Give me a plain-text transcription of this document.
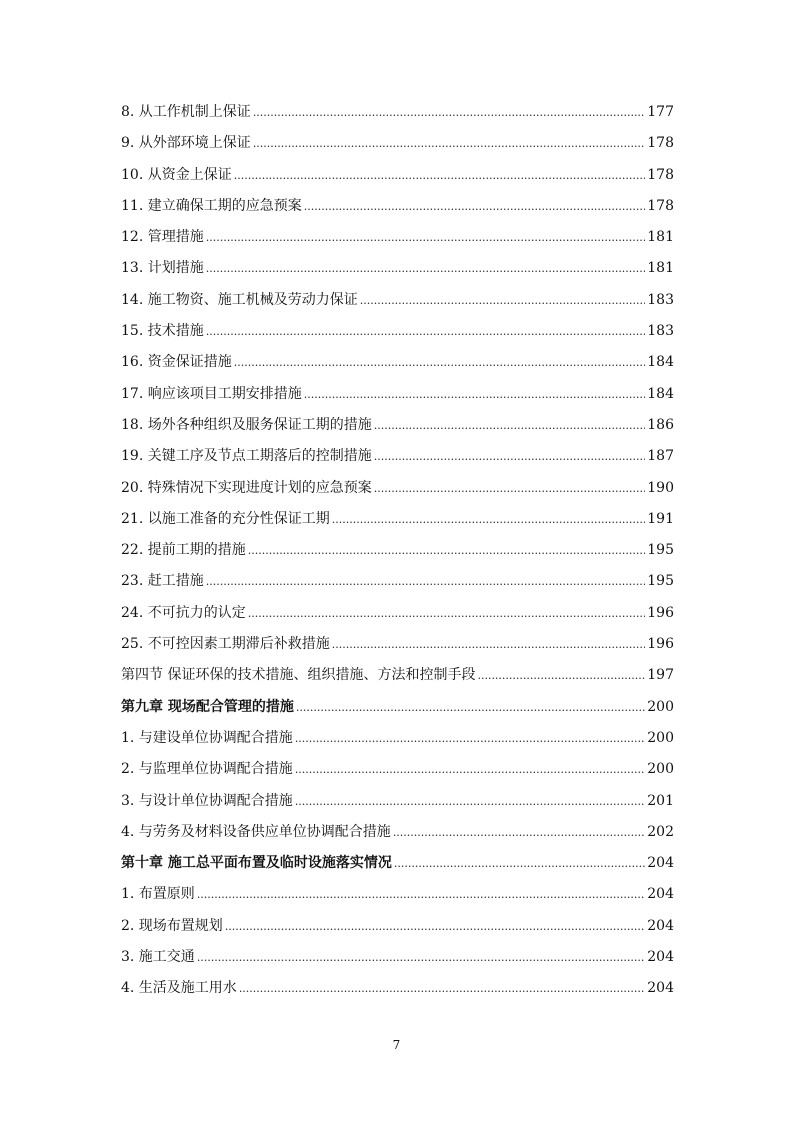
8. 从工作机制上保证 .....	177
9. 从外部环境上保证 .....	178
10. 从资金上保证 .....	178
11. 建立确保工期的应急预案 .....	178
12. 管理措施 .....	181
13. 计划措施 .....	181
14. 施工物资、施工机械及劳动力保证 .....	183
15. 技术措施 .....	183
16. 资金保证措施 .....	184
17. 响应该项目工期安排措施 .....	184
18. 场外各种组织及服务保证工期的措施 .....	186
19. 关键工序及节点工期落后的控制措施 .....	187
20. 特殊情况下实现进度计划的应急预案 .....	190
21. 以施工准备的充分性保证工期 .....	191
22. 提前工期的措施 .....	195
23. 赶工措施 .....	195
24. 不可抗力的认定 .....	196
25. 不可控因素工期滞后补救措施 .....	196
第四节 保证环保的技术措施、组织措施、方法和控制手段 .....	197
第九章 现场配合管理的措施 .....	200
1. 与建设单位协调配合措施 .....	200
2. 与监理单位协调配合措施 .....	200
3. 与设计单位协调配合措施 .....	201
4. 与劳务及材料设备供应单位协调配合措施 .....	202
第十章 施工总平面布置及临时设施落实情况 .....	204
1. 布置原则 .....	204
2. 现场布置规划 .....	204
3. 施工交通 .....	204
4. 生活及施工用水 .....	204
7
